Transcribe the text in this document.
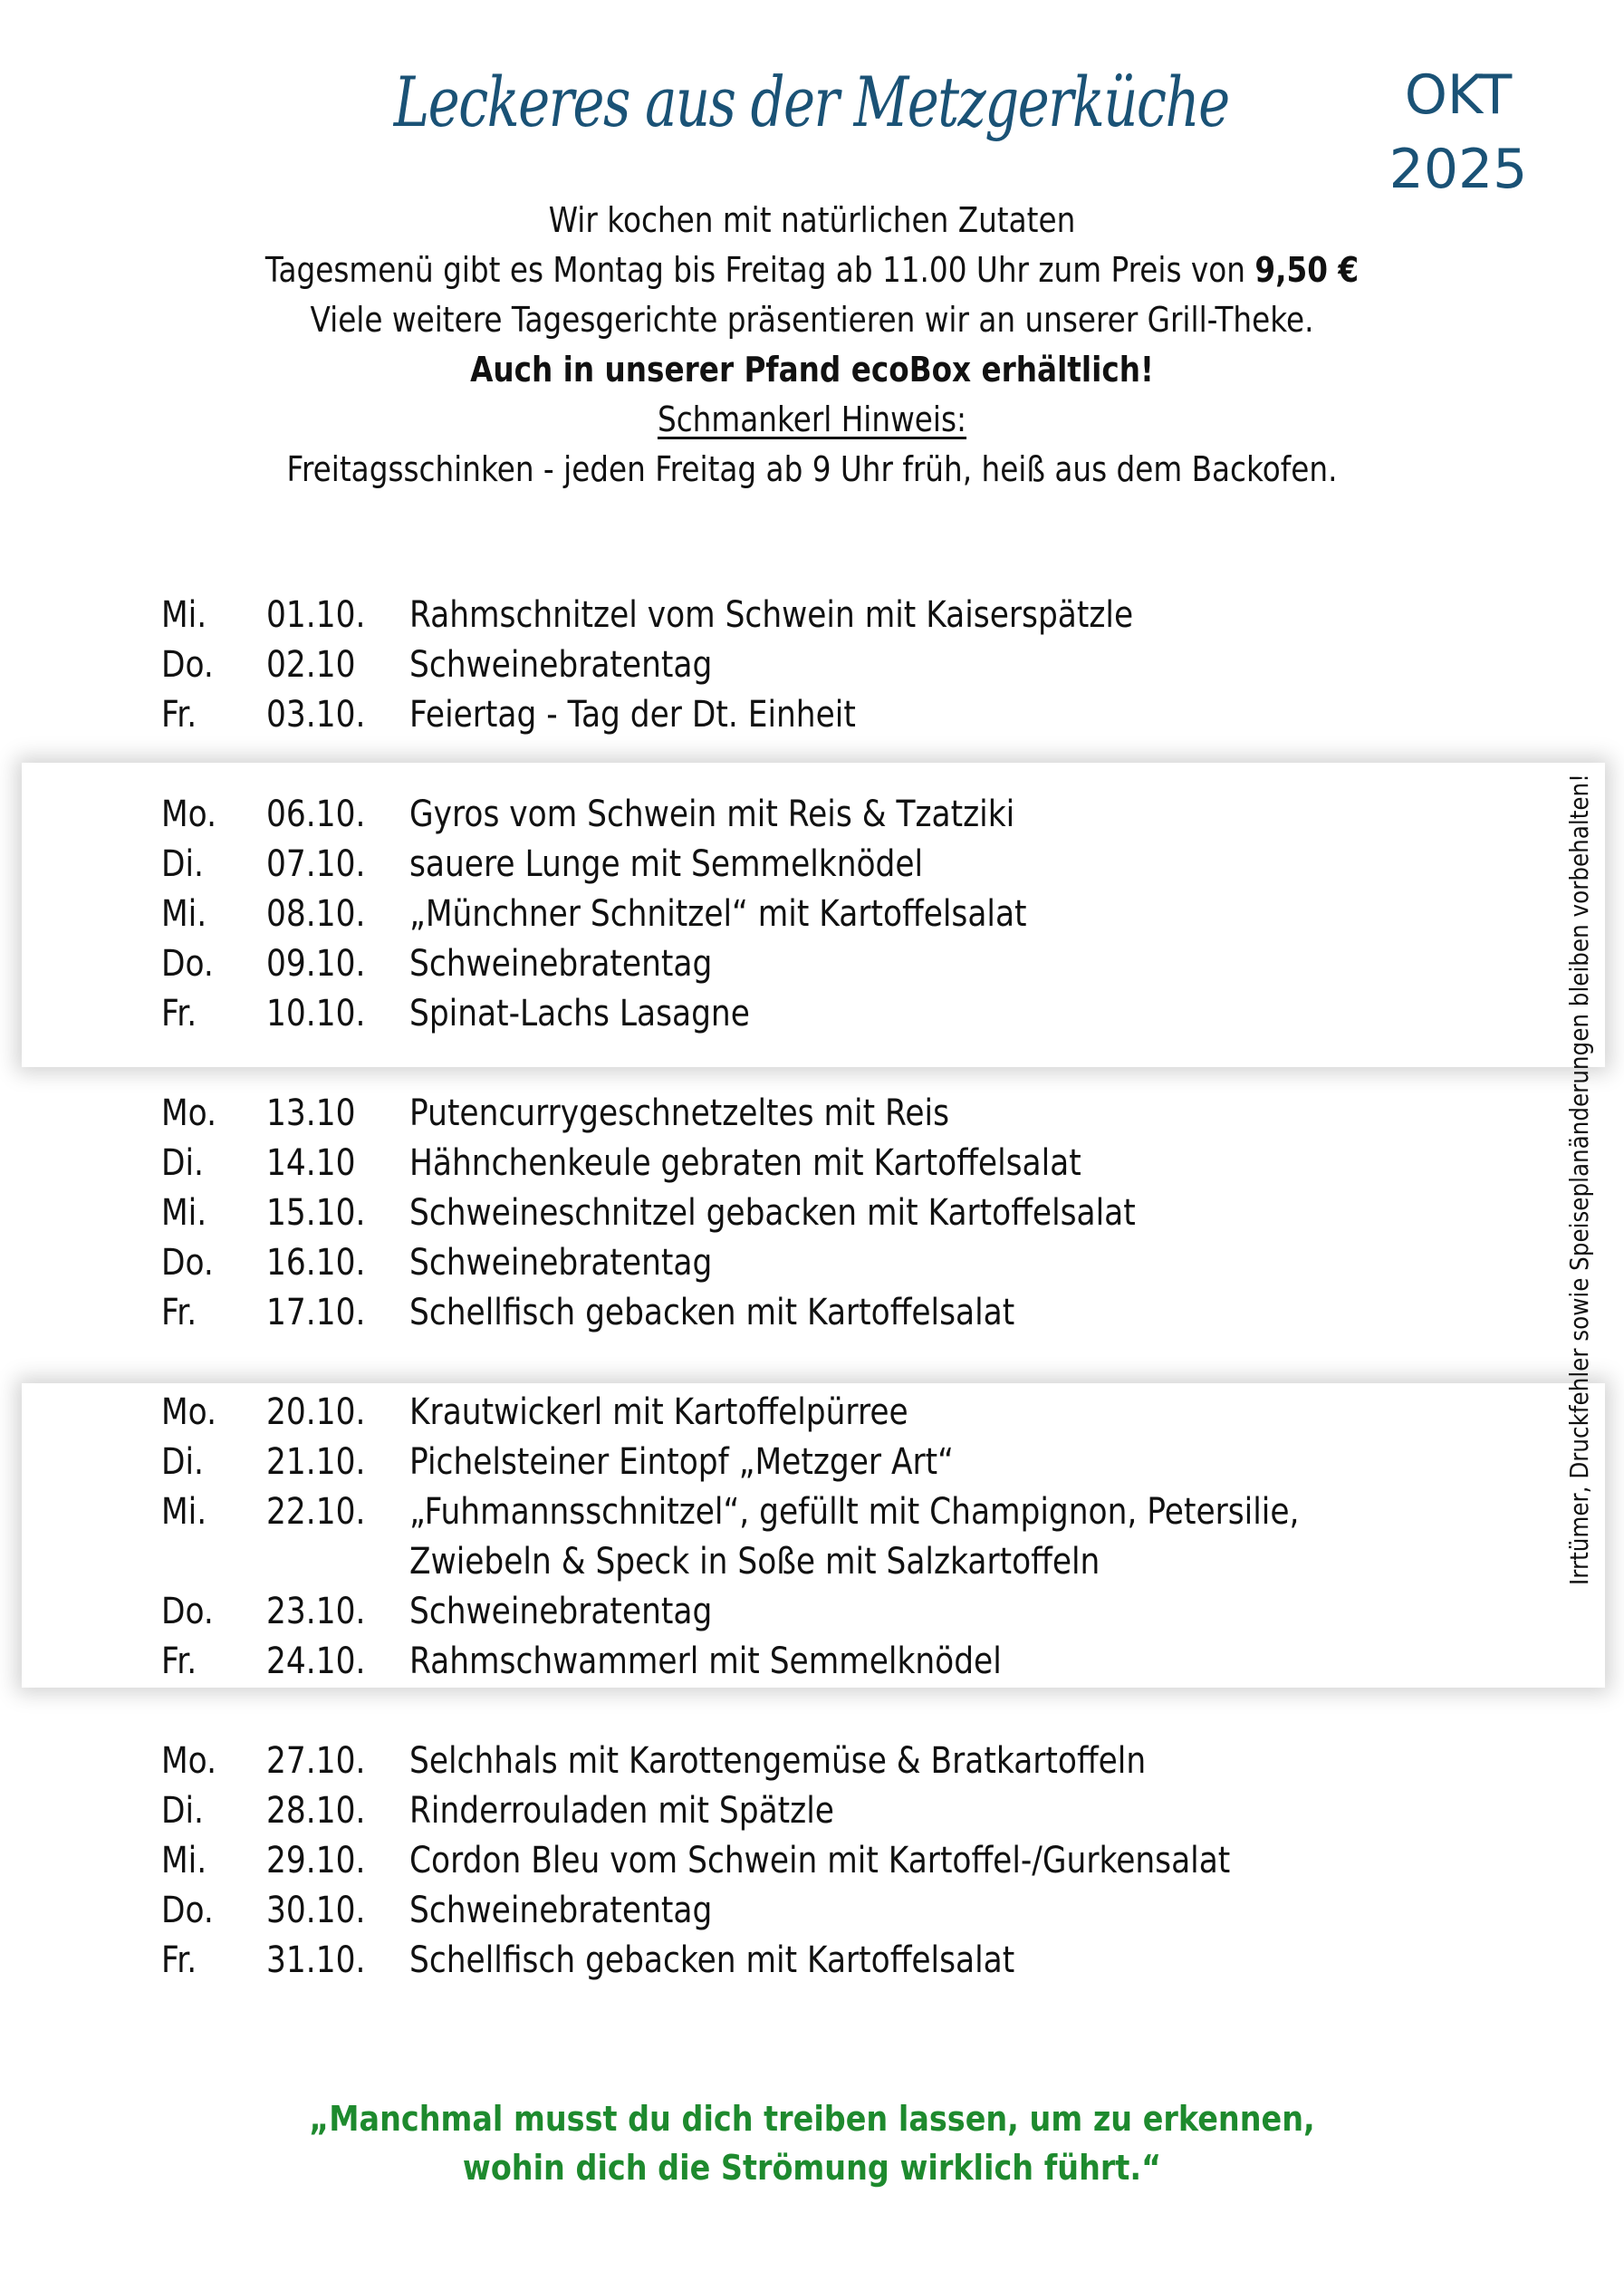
Leckeres aus der Metzgerküche	OKT
2025
Wir kochen mit natürlichen Zutaten
Tagesmenü gibt es Montag bis Freitag ab 11.00 Uhr zum Preis von 9,50 €
Viele weitere Tagesgerichte präsentieren wir an unserer Grill-Theke.
Auch in unserer Pfand ecoBox erhältlich!
Schmankerl Hinweis:
Freitagsschinken - jeden Freitag ab 9 Uhr früh, heiß aus dem Backofen.
Mi. 01.10. Rahmschnitzel vom Schwein mit Kaiserspätzle
Do. 02.10 Schweinebratentag
Fr. 03.10. Feiertag - Tag der Dt. Einheit
Mo. 06.10. Gyros vom Schwein mit Reis & Tzatziki
Di. 07.10. sauere Lunge mit Semmelknödel
Mi. 08.10. „Münchner Schnitzel“ mit Kartoffelsalat
Do. 09.10. Schweinebratentag
Fr. 10.10. Spinat-Lachs Lasagne
Mo. 13.10 Putencurrygeschnetzeltes mit Reis
Di. 14.10 Hähnchenkeule gebraten mit Kartoffelsalat
Mi. 15.10. Schweineschnitzel gebacken mit Kartoffelsalat
Do. 16.10. Schweinebratentag
Fr. 17.10. Schellfisch gebacken mit Kartoffelsalat
Mo. 20.10. Krautwickerl mit Kartoffelpürree
Di. 21.10. Pichelsteiner Eintopf „Metzger Art“
Mi. 22.10. „Fuhmannsschnitzel“, gefüllt mit Champignon, Petersilie,
Zwiebeln & Speck in Soße mit Salzkartoffeln
Do. 23.10. Schweinebratentag
Fr. 24.10. Rahmschwammerl mit Semmelknödel
Mo. 27.10. Selchhals mit Karottengemüse & Bratkartoffeln
Di. 28.10. Rinderrouladen mit Spätzle
Mi. 29.10. Cordon Bleu vom Schwein mit Kartoffel-/Gurkensalat
Do. 30.10. Schweinebratentag
Fr. 31.10. Schellfisch gebacken mit Kartoffelsalat
Irrtümer, Druckfehler sowie Speiseplanänderungen bleiben vorbehalten!
„Manchmal musst du dich treiben lassen, um zu erkennen,
wohin dich die Strömung wirklich führt.“
